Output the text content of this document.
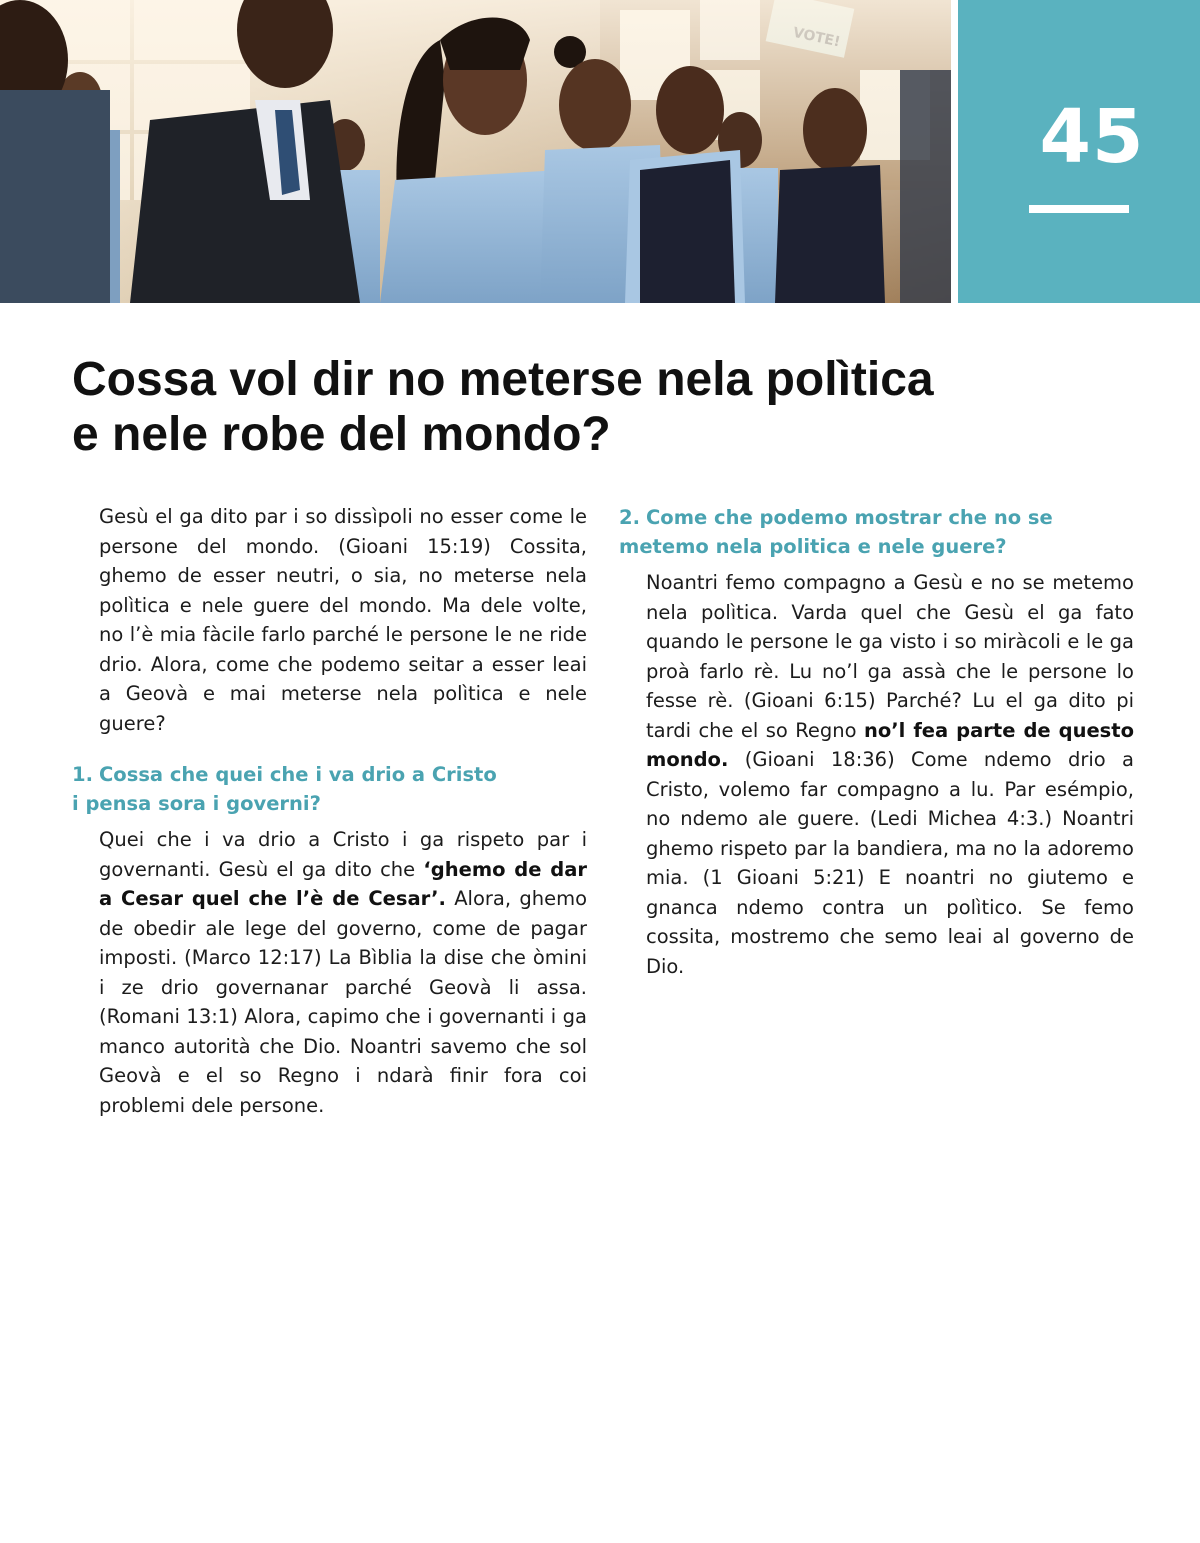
45
Cossa vol dir no meterse nela polìtica
e nele robe del mondo?

Gesù el ga dito par i so dissìpoli no esser come le persone del mondo. (Gioani 15:19) Cossita, ghemo de esser neutri, o sia, no meterse nela polìtica e nele guere del mondo. Ma dele volte, no l’è mia fàcile farlo parché le persone le ne ride drio. Alora, come che podemo seitar a esser leai a Geovà e mai meterse nela polìtica e nele guere?

1. Cossa che quei che i va drio a Cristo
i pensa sora i governi?

Quei che i va drio a Cristo i ga rispeto par i governanti. Gesù el ga dito che ‘ghemo de dar a Cesar quel che l’è de Cesar’. Alora, ghemo de obedir ale lege del governo, come de pagar imposti. (Marco 12:17) La Bìblia la dise che òmini i ze drio governanar parché Geovà li assa. (Romani 13:1) Alora, capimo che i governanti i ga manco autorità che Dio. Noantri savemo che sol Geovà e el so Regno i ndarà finir fora coi problemi dele persone.

2. Come che podemo mostrar che no se
metemo nela politica e nele guere?

Noantri femo compagno a Gesù e no se metemo nela polìtica. Varda quel che Gesù el ga fato quando le persone le ga visto i so miràcoli e le ga proà farlo rè. Lu no’l ga assà che le persone lo fesse rè. (Gioani 6:15) Parché? Lu el ga dito pi tardi che el so Regno no’l fea parte de questo mondo. (Gioani 18:36) Come ndemo drio a Cristo, volemo far compagno a lu. Par esémpio, no ndemo ale guere. (Ledi Michea 4:3.) Noantri ghemo rispeto par la bandiera, ma no la adoremo mia. (1 Gioani 5:21) E noantri no giutemo e gnanca ndemo contra un polìtico. Se femo cossita, mostremo che semo leai al governo de Dio.
